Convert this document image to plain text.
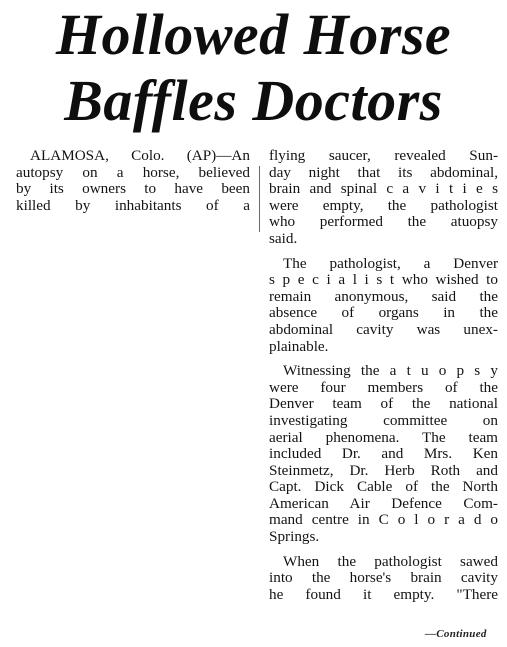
Hollowed Horse
Baffles Doctors
ALAMOSA, Colo. (AP)—An
autopsy on a horse, believed
by its owners to have been
killed by inhabitants of a
flying saucer, revealed Sun-
day night that its abdominal,
brain and spinal c a v i t i e s
were empty, the pathologist
who performed the atuopsy
said.
The pathologist, a Denver
s p e c i a l i s t who wished to
remain anonymous, said the
absence of organs in the
abdominal cavity was unex-
plainable.
Witnessing the a t u o p s y
were four members of the
Denver team of the national
investigating committee on
aerial phenomena. The team
included Dr. and Mrs. Ken
Steinmetz, Dr. Herb Roth and
Capt. Dick Cable of the North
American Air Defence Com-
mand centre in C o l o r a d o
Springs.
When the pathologist sawed
into the horse's brain cavity
he found it empty. "There
—Continued
